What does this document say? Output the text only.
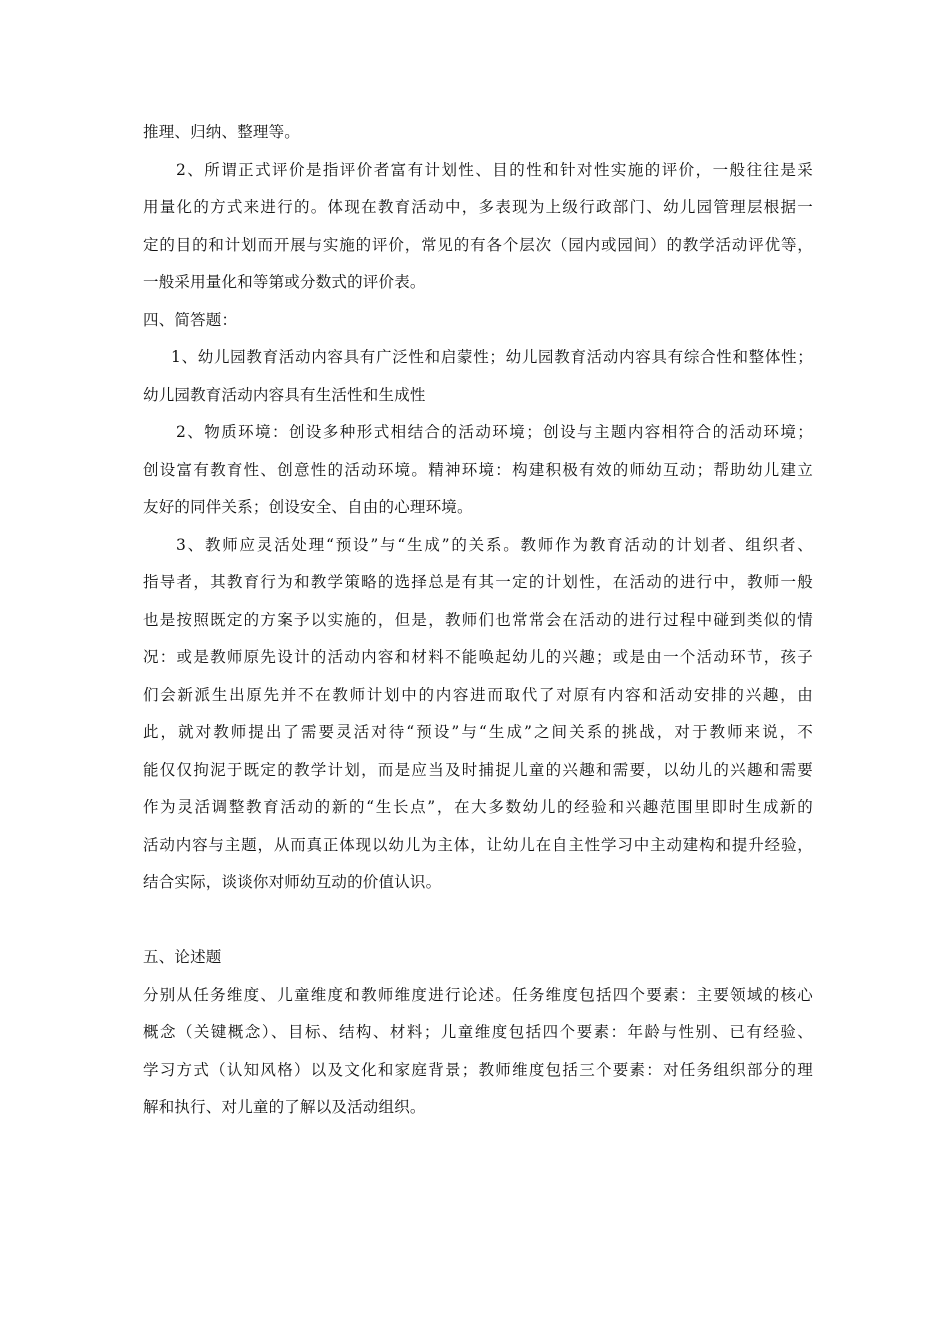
推理、归纳、整理等。
2、所谓正式评价是指评价者富有计划性、目的性和针对性实施的评价，一般往往是采
用量化的方式来进行的。体现在教育活动中，多表现为上级行政部门、幼儿园管理层根据一
定的目的和计划而开展与实施的评价，常见的有各个层次（园内或园间）的教学活动评优等，
一般采用量化和等第或分数式的评价表。
四、简答题：
1、幼儿园教育活动内容具有广泛性和启蒙性；幼儿园教育活动内容具有综合性和整体性；
幼儿园教育活动内容具有生活性和生成性
2、物质环境：创设多种形式相结合的活动环境；创设与主题内容相符合的活动环境；
创设富有教育性、创意性的活动环境。精神环境：构建积极有效的师幼互动；帮助幼儿建立
友好的同伴关系；创设安全、自由的心理环境。
3、教师应灵活处理“预设”与“生成”的关系。教师作为教育活动的计划者、组织者、
指导者，其教育行为和教学策略的选择总是有其一定的计划性，在活动的进行中，教师一般
也是按照既定的方案予以实施的，但是，教师们也常常会在活动的进行过程中碰到类似的情
况：或是教师原先设计的活动内容和材料不能唤起幼儿的兴趣；或是由一个活动环节，孩子
们会新派生出原先并不在教师计划中的内容进而取代了对原有内容和活动安排的兴趣，由
此，就对教师提出了需要灵活对待“预设”与“生成”之间关系的挑战，对于教师来说，不
能仅仅拘泥于既定的教学计划，而是应当及时捕捉儿童的兴趣和需要，以幼儿的兴趣和需要
作为灵活调整教育活动的新的“生长点”，在大多数幼儿的经验和兴趣范围里即时生成新的
活动内容与主题，从而真正体现以幼儿为主体，让幼儿在自主性学习中主动建构和提升经验，
结合实际，谈谈你对师幼互动的价值认识。
五、论述题
分别从任务维度、儿童维度和教师维度进行论述。任务维度包括四个要素：主要领域的核心
概念（关键概念）、目标、结构、材料；儿童维度包括四个要素：年龄与性别、已有经验、
学习方式（认知风格）以及文化和家庭背景；教师维度包括三个要素：对任务组织部分的理
解和执行、对儿童的了解以及活动组织。
